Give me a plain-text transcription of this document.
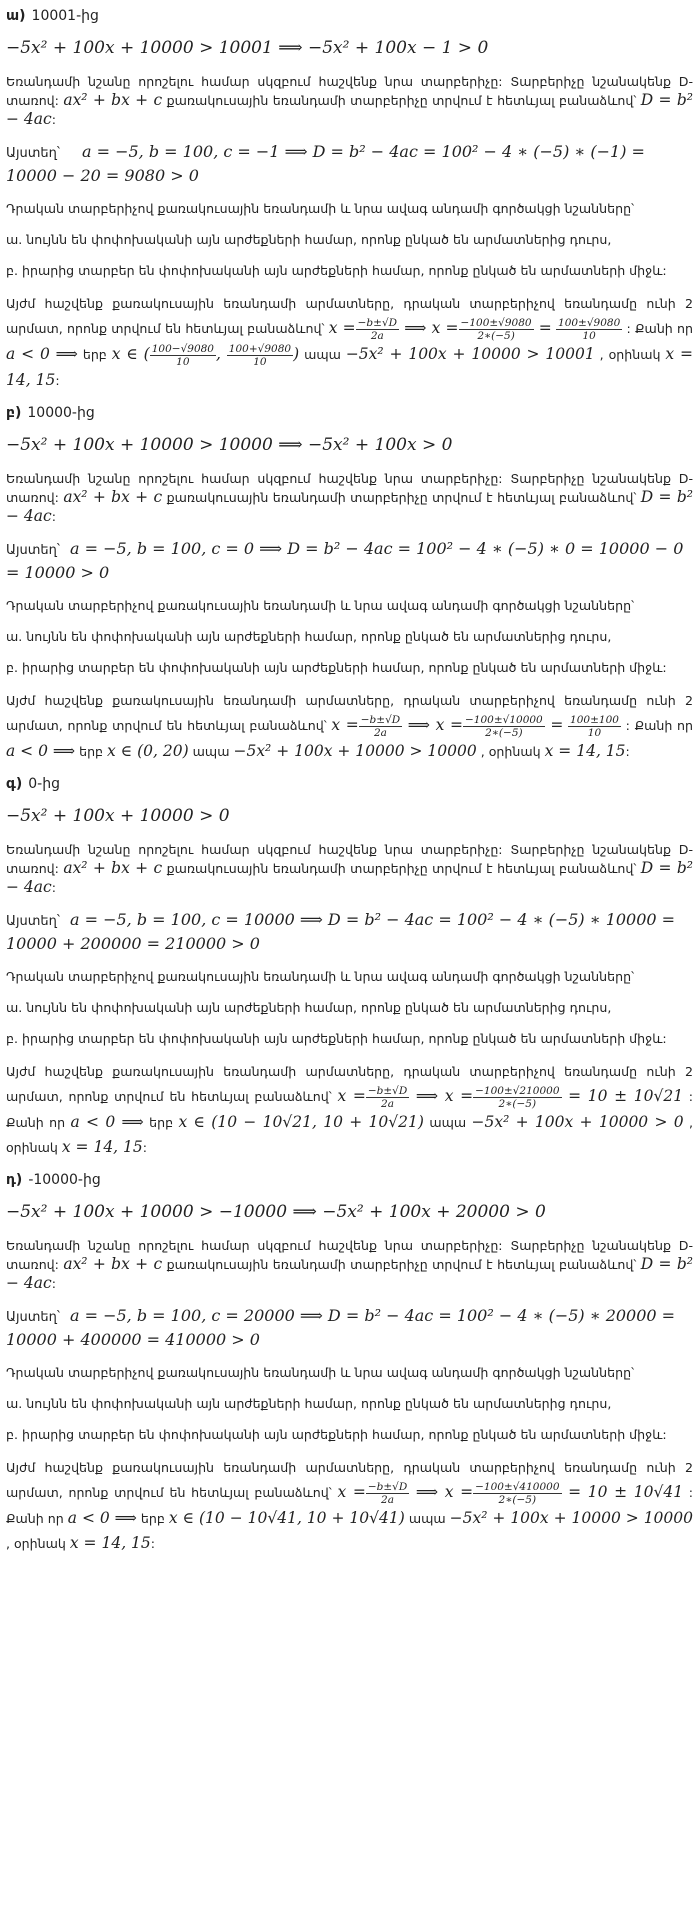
ա) 10001-ից
−5x² + 100x + 10000 > 10001 ⟹ −5x² + 100x − 1 > 0
Եռանդամի նշանը որոշելու համար սկզբում հաշվենք նրա տարբերիչը: Տարբերիչը նշանակենք D-տառով: ax² + bx + c քառակուսային եռանդամի տարբերիչը տրվում է հետևյալ բանաձևով՝ D = b² − 4ac:
Այստեղ՝ a = −5, b = 100, c = −1 ⟹ D = b² − 4ac = 100² − 4 ∗ (−5) ∗ (−1) = 10000 − 20 = 9080 > 0
Դրական տարբերիչով քառակուսային եռանդամի և նրա ավագ անդամի գործակցի նշանները՝
ա. նույնն են փոփոխականի այն արժեքների համար, որոնք ընկած են արմատներից դուրս,
բ. իրարից տարբեր են փոփոխականի այն արժեքների համար, որոնք ընկած են արմատների միջև:
Այժմ հաշվենք քառակուսային եռանդամի արմատները, դրական տարբերիչով եռանդամը ունի 2 արմատ, որոնք տրվում են հետևյալ բանաձևով՝ $x = \frac{-b\pm√D}{2a}$ ⟹ $x = \frac{-100\pm√9080}{2∗(-5)} = \frac{100\pm√9080}{10}$ : Քանի որ a < 0 ⟹ երբ x ∈ ( $\frac{100-√9080}{10}$ , $\frac{100+√9080}{10}$ ) ապա −5x² + 100x + 10000 > 10001 , օրինակ x = 14, 15:
բ) 10000-ից
−5x² + 100x + 10000 > 10000 ⟹ −5x² + 100x > 0
Եռանդամի նշանը որոշելու համար սկզբում հաշվենք նրա տարբերիչը: Տարբերիչը նշանակենք D-տառով: ax² + bx + c քառակուսային եռանդամի տարբերիչը տրվում է հետևյալ բանաձևով՝ D = b² − 4ac:
Այստեղ՝ a = −5, b = 100, c = 0 ⟹ D = b² − 4ac = 100² − 4 ∗ (−5) ∗ 0 = 10000 − 0 = 10000 > 0
Դրական տարբերիչով քառակուսային եռանդամի և նրա ավագ անդամի գործակցի նշանները՝
ա. նույնն են փոփոխականի այն արժեքների համար, որոնք ընկած են արմատներից դուրս,
բ. իրարից տարբեր են փոփոխականի այն արժեքների համար, որոնք ընկած են արմատների միջև:
Այժմ հաշվենք քառակուսային եռանդամի արմատները, դրական տարբերիչով եռանդամը ունի 2 արմատ, որոնք տրվում են հետևյալ բանաձևով՝ $x = \frac{-b\pm√D}{2a}$ ⟹ $x = \frac{-100\pm√10000}{2∗(-5)} = \frac{100\pm 100}{10}$ : Քանի որ a < 0 ⟹ երբ x ∈ (0, 20) ապա −5x² + 100x + 10000 > 10000 , օրինակ x = 14, 15:
գ) 0-ից
−5x² + 100x + 10000 > 0
Եռանդամի նշանը որոշելու համար սկզբում հաշվենք նրա տարբերիչը: Տարբերիչը նշանակենք D-տառով: ax² + bx + c քառակուսային եռանդամի տարբերիչը տրվում է հետևյալ բանաձևով՝ D = b² − 4ac:
Այստեղ՝ a = −5, b = 100, c = 10000 ⟹ D = b² − 4ac = 100² − 4 ∗ (−5) ∗ 10000 = 10000 + 200000 = 210000 > 0
Դրական տարբերիչով քառակուսային եռանդամի և նրա ավագ անդամի գործակցի նշանները՝
ա. նույնն են փոփոխականի այն արժեքների համար, որոնք ընկած են արմատներից դուրս,
բ. իրարից տարբեր են փոփոխականի այն արժեքների համար, որոնք ընկած են արմատների միջև:
Այժմ հաշվենք քառակուսային եռանդամի արմատները, դրական տարբերիչով եռանդամը ունի 2 արմատ, որոնք տրվում են հետևյալ բանաձևով՝ $x = \frac{-b\pm√D}{2a}$ ⟹ $x = \frac{-100\pm√210000}{2∗(-5)} = 10 \pm 10√21$ : Քանի որ a < 0 ⟹ երբ x ∈ (10 − 10√21, 10 + 10√21) ապա −5x² + 100x + 10000 > 0 , օրինակ x = 14, 15:
դ) -10000-ից
−5x² + 100x + 10000 > −10000 ⟹ −5x² + 100x + 20000 > 0
Եռանդամի նշանը որոշելու համար սկզբում հաշվենք նրա տարբերիչը: Տարբերիչը նշանակենք D-տառով: ax² + bx + c քառակուսային եռանդամի տարբերիչը տրվում է հետևյալ բանաձևով՝ D = b² − 4ac:
Այստեղ՝ a = −5, b = 100, c = 20000 ⟹ D = b² − 4ac = 100² − 4 ∗ (−5) ∗ 20000 = 10000 + 400000 = 410000 > 0
Դրական տարբերիչով քառակուսային եռանդամի և նրա ավագ անդամի գործակցի նշանները՝
ա. նույնն են փոփոխականի այն արժեքների համար, որոնք ընկած են արմատներից դուրս,
բ. իրարից տարբեր են փոփոխականի այն արժեքների համար, որոնք ընկած են արմատների միջև:
Այժմ հաշվենք քառակուսային եռանդամի արմատները, դրական տարբերիչով եռանդամը ունի 2 արմատ, որոնք տրվում են հետևյալ բանաձևով՝ $x = \frac{-b\pm√D}{2a}$ ⟹ $x = \frac{-100\pm√410000}{2∗(-5)} = 10 \pm 10√41$ : Քանի որ a < 0 ⟹ երբ x ∈ (10 − 10√41, 10 + 10√41) ապա −5x² + 100x + 10000 > 10000 , օրինակ x = 14, 15:
